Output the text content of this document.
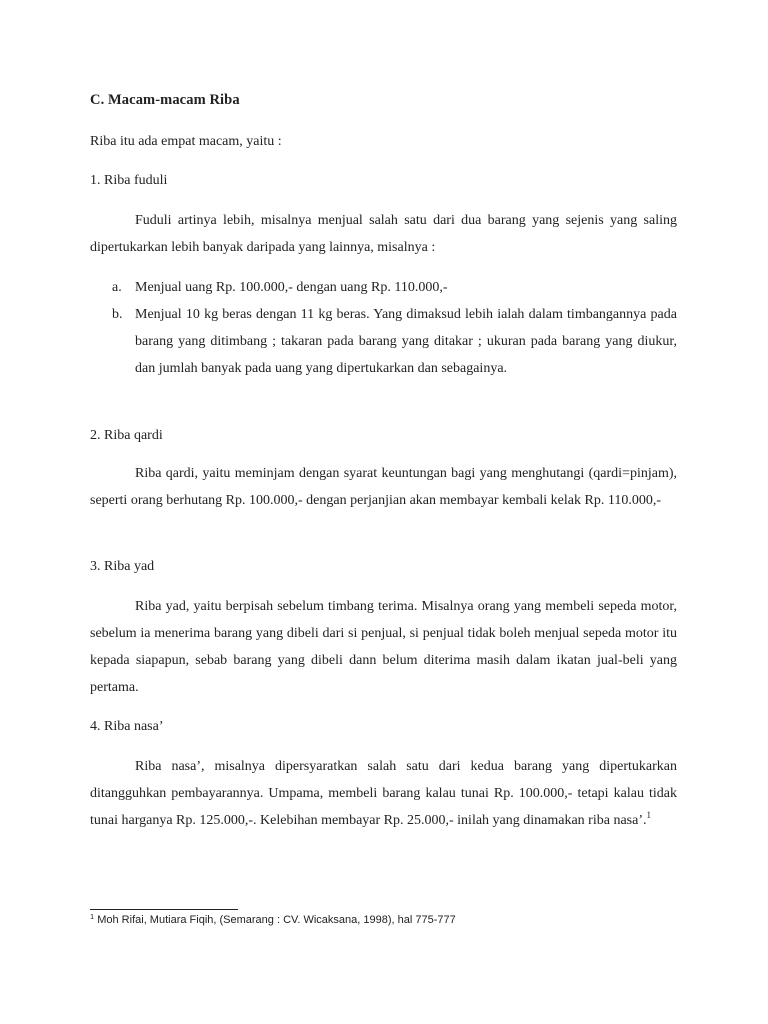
C. Macam-macam Riba
Riba itu ada empat macam, yaitu :
1. Riba fuduli
Fuduli artinya lebih, misalnya menjual salah satu dari dua barang yang sejenis yang saling dipertukarkan lebih banyak daripada yang lainnya, misalnya :
a. Menjual uang Rp. 100.000,- dengan uang Rp. 110.000,-
b. Menjual 10 kg beras dengan 11 kg beras. Yang dimaksud lebih ialah dalam timbangannya pada barang yang ditimbang ; takaran pada barang yang ditakar ; ukuran pada barang yang diukur, dan jumlah banyak pada uang yang dipertukarkan dan sebagainya.
2. Riba qardi
Riba qardi, yaitu meminjam dengan syarat keuntungan bagi yang menghutangi (qardi=pinjam), seperti orang berhutang Rp. 100.000,- dengan perjanjian akan membayar kembali kelak Rp. 110.000,-
3. Riba yad
Riba yad, yaitu berpisah sebelum timbang terima. Misalnya orang yang membeli sepeda motor, sebelum ia menerima barang yang dibeli dari si penjual, si penjual tidak boleh menjual sepeda motor itu kepada siapapun, sebab barang yang dibeli dann belum diterima masih dalam ikatan jual-beli yang pertama.
4. Riba nasa’
Riba nasa’, misalnya dipersyaratkan salah satu dari kedua barang yang dipertukarkan ditangguhkan pembayarannya. Umpama, membeli barang kalau tunai Rp. 100.000,- tetapi kalau tidak tunai harganya Rp. 125.000,-. Kelebihan membayar Rp. 25.000,- inilah yang dinamakan riba nasa’.$^1$
$^1$ Moh Rifai, Mutiara Fiqih, (Semarang : CV. Wicaksana, 1998), hal 775-777
